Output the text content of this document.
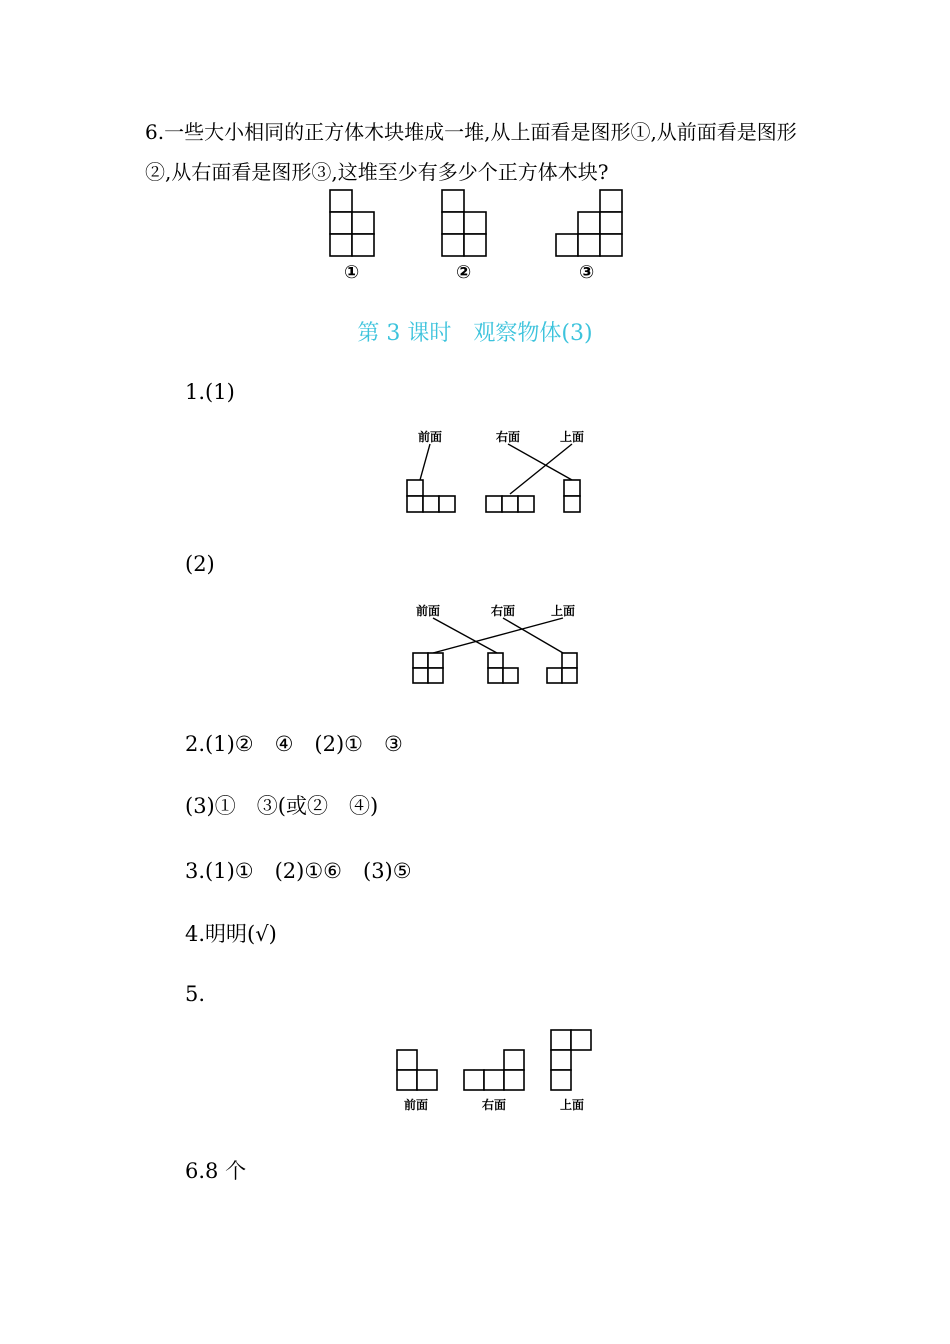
6.一些大小相同的正方体木块堆成一堆,从上面看是图形①,从前面看是图形
②,从右面看是图形③,这堆至少有多少个正方体木块?
①	②	③
第 3 课时　观察物体(3)
1.(1)
前面	右面	上面
(2)
前面	右面	上面
2.(1)②　④　(2)①　③
(3)①　③(或②　④)
3.(1)①　(2)①⑥　(3)⑤
4.明明(√)
5.
前面	右面	上面
6.8 个
